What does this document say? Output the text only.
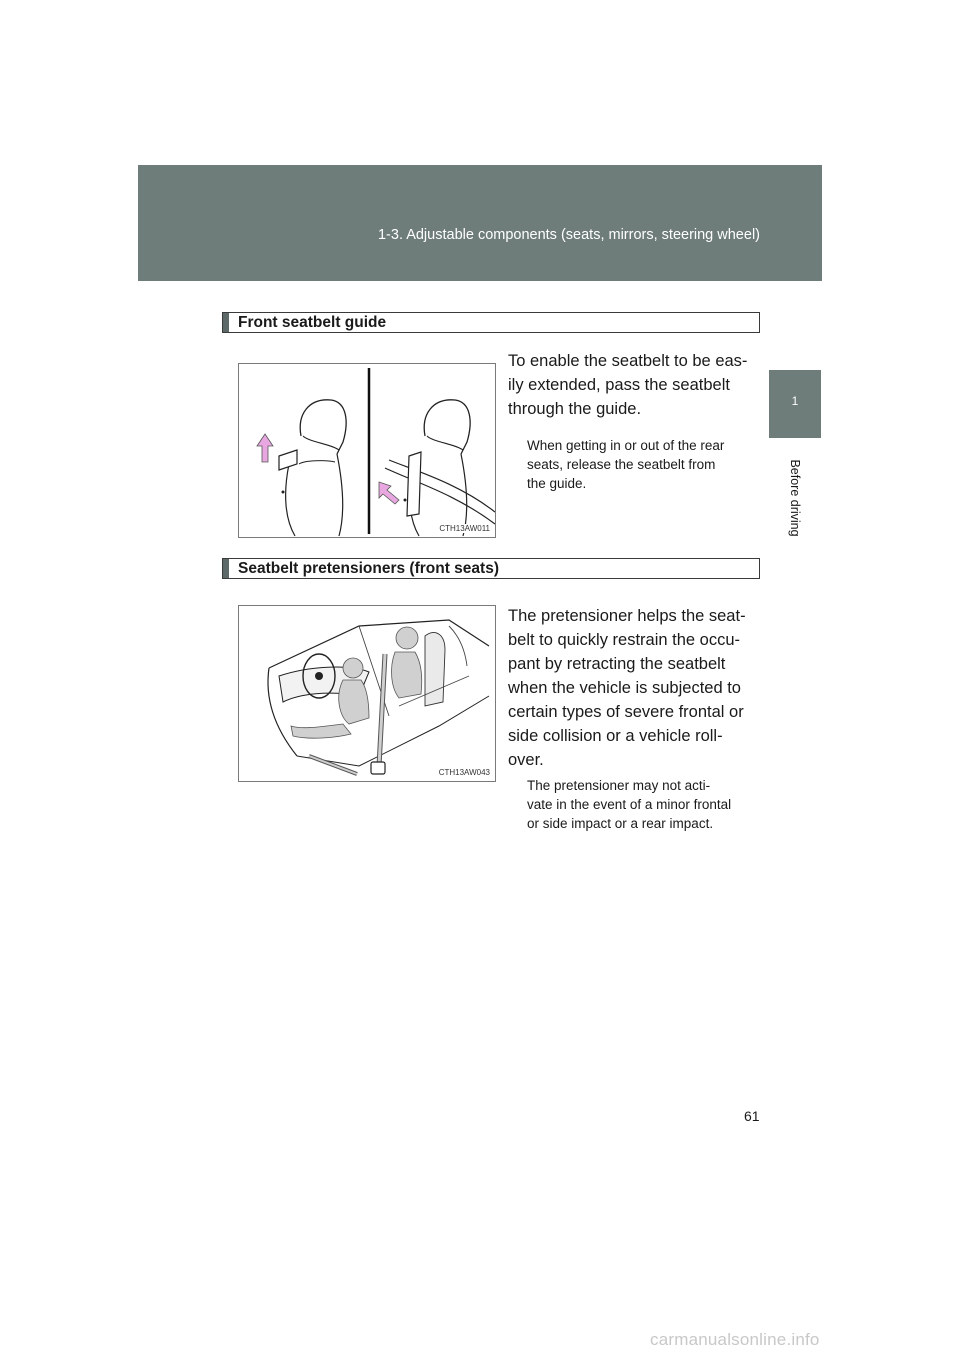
1-3. Adjustable components (seats, mirrors, steering wheel)
1
Before driving
Front seatbelt guide
CTH13AW011
To enable the seatbelt to be eas-
ily extended, pass the seatbelt
through the guide.
When getting in or out of the rear
seats, release the seatbelt from
the guide.
Seatbelt pretensioners (front seats)
CTH13AW043
The pretensioner helps the seat-
belt to quickly restrain the occu-
pant by retracting the seatbelt
when the vehicle is subjected to
certain types of severe frontal or
side collision or a vehicle roll-
over.
The pretensioner may not acti-
vate in the event of a minor frontal
or side impact or a rear impact.
61
carmanualsonline.info
